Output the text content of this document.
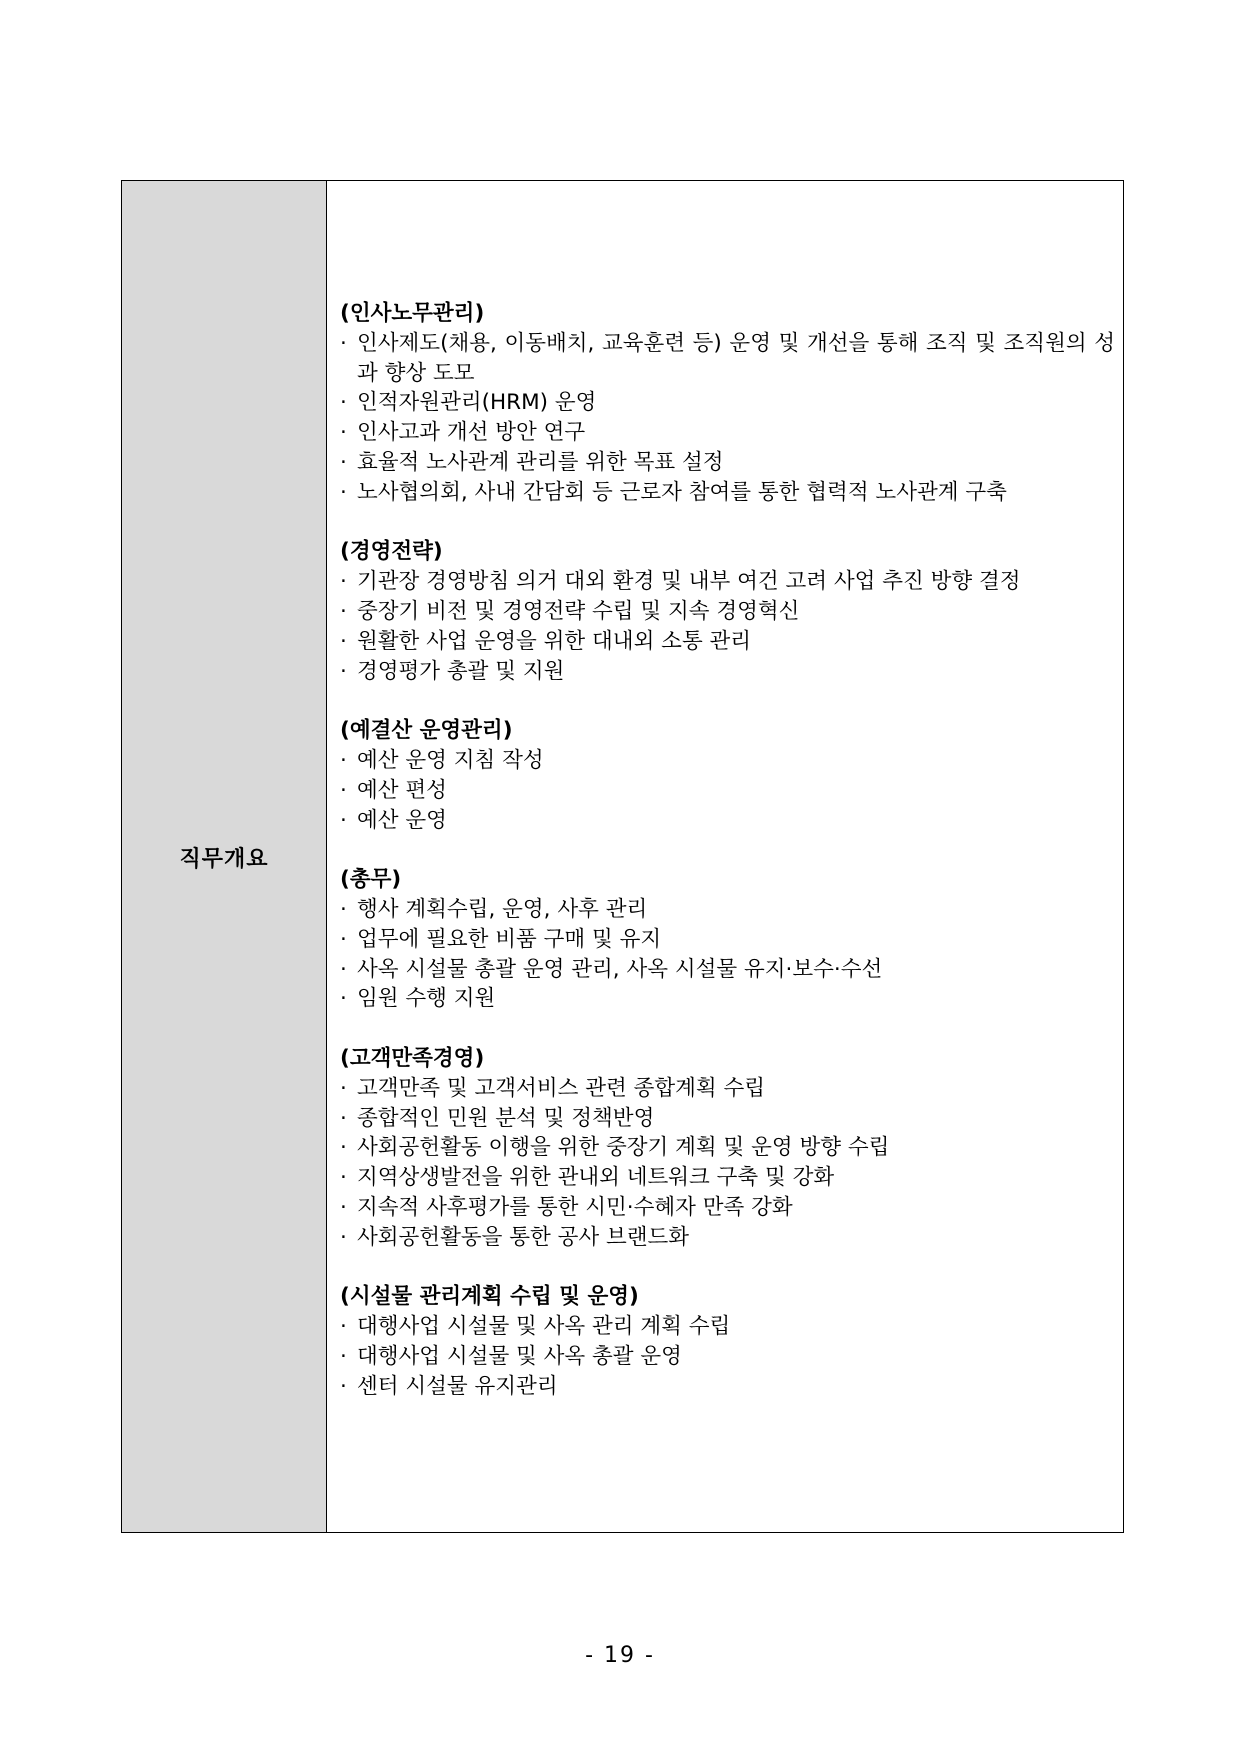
직무개요
(인사노무관리)
· 인사제도(채용, 이동배치, 교육훈련 등) 운영 및 개선을 통해 조직 및 조직원의 성과 향상 도모
· 인적자원관리(HRM) 운영
· 인사고과 개선 방안 연구
· 효율적 노사관계 관리를 위한 목표 설정
· 노사협의회, 사내 간담회 등 근로자 참여를 통한 협력적 노사관계 구축
(경영전략)
· 기관장 경영방침 의거 대외 환경 및 내부 여건 고려 사업 추진 방향 결정
· 중장기 비전 및 경영전략 수립 및 지속 경영혁신
· 원활한 사업 운영을 위한 대내외 소통 관리
· 경영평가 총괄 및 지원
(예결산 운영관리)
· 예산 운영 지침 작성
· 예산 편성
· 예산 운영
(총무)
· 행사 계획수립, 운영, 사후 관리
· 업무에 필요한 비품 구매 및 유지
· 사옥 시설물 총괄 운영 관리, 사옥 시설물 유지·보수·수선
· 임원 수행 지원
(고객만족경영)
· 고객만족 및 고객서비스 관련 종합계획 수립
· 종합적인 민원 분석 및 정책반영
· 사회공헌활동 이행을 위한 중장기 계획 및 운영 방향 수립
· 지역상생발전을 위한 관내외 네트워크 구축 및 강화
· 지속적 사후평가를 통한 시민·수혜자 만족 강화
· 사회공헌활동을 통한 공사 브랜드화
(시설물 관리계획 수립 및 운영)
· 대행사업 시설물 및 사옥 관리 계획 수립
· 대행사업 시설물 및 사옥 총괄 운영
· 센터 시설물 유지관리
- 19 -
